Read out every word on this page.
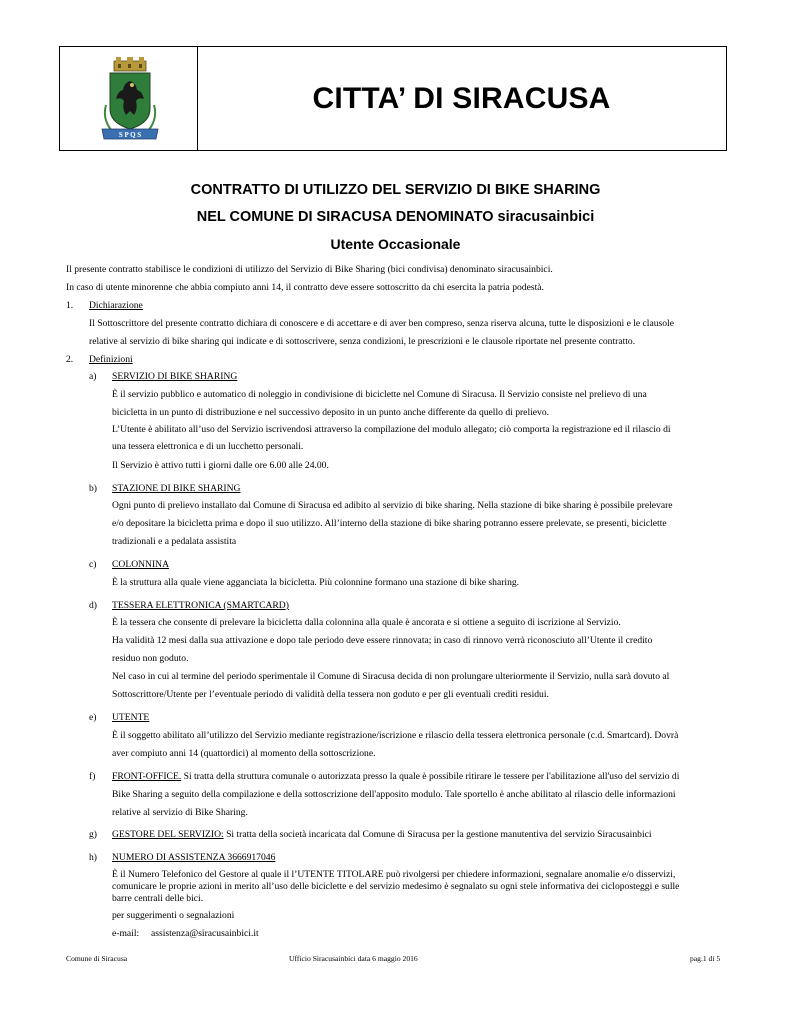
S P Q S
CITTA’ DI SIRACUSA
CONTRATTO DI UTILIZZO DEL SERVIZIO DI BIKE SHARING
NEL COMUNE DI SIRACUSA DENOMINATO siracusainbici
Utente Occasionale
Il presente contratto stabilisce le condizioni di utilizzo del Servizio di Bike Sharing (bici condivisa) denominato siracusainbici.
In caso di utente minorenne che abbia compiuto anni 14, il contratto deve essere sottoscritto da chi esercita la patria podestà.
1. Dichiarazione
Il Sottoscrittore del presente contratto dichiara di conoscere e di accettare e di aver ben compreso, senza riserva alcuna, tutte le disposizioni e le clausole
relative al servizio di bike sharing qui indicate e di sottoscrivere, senza condizioni, le prescrizioni e le clausole riportate nel presente contratto.
2. Definizioni
a) SERVIZIO DI BIKE SHARING
È il servizio pubblico e automatico di noleggio in condivisione di biciclette nel Comune di Siracusa. Il Servizio consiste nel prelievo di una
bicicletta in un punto di distribuzione e nel successivo deposito in un punto anche differente da quello di prelievo.
L’Utente è abilitato all’uso del Servizio iscrivendosi attraverso la compilazione del modulo allegato; ciò comporta la registrazione ed il rilascio di
una tessera elettronica e di un lucchetto personali.
Il Servizio è attivo tutti i giorni dalle ore 6.00 alle 24.00.
b) STAZIONE DI BIKE SHARING
Ogni punto di prelievo installato dal Comune di Siracusa ed adibito al servizio di bike sharing. Nella stazione di bike sharing è possibile prelevare
e/o depositare la bicicletta prima e dopo il suo utilizzo. All’interno della stazione di bike sharing potranno essere prelevate, se presenti, biciclette
tradizionali e a pedalata assistita
c) COLONNINA
È la struttura alla quale viene agganciata la bicicletta. Più colonnine formano una stazione di bike sharing.
d) TESSERA ELETTRONICA (SMARTCARD)
È la tessera che consente di prelevare la bicicletta dalla colonnina alla quale è ancorata e si ottiene a seguito di iscrizione al Servizio.
Ha validità 12 mesi dalla sua attivazione e dopo tale periodo deve essere rinnovata; in caso di rinnovo verrà riconosciuto all’Utente il credito
residuo non goduto.
Nel caso in cui al termine del periodo sperimentale il Comune di Siracusa decida di non prolungare ulteriormente il Servizio, nulla sarà dovuto al
Sottoscrittore/Utente per l’eventuale periodo di validità della tessera non goduto e per gli eventuali crediti residui.
e) UTENTE
È il soggetto abilitato all’utilizzo del Servizio mediante registrazione/iscrizione e rilascio della tessera elettronica personale (c.d. Smartcard). Dovrà
aver compiuto anni 14 (quattordici) al momento della sottoscrizione.
f) FRONT-OFFICE. Si tratta della struttura comunale o autorizzata presso la quale è possibile ritirare le tessere per l'abilitazione all'uso del servizio di
Bike Sharing a seguito della compilazione e della sottoscrizione dell'apposito modulo. Tale sportello è anche abilitato al rilascio delle informazioni
relative al servizio di Bike Sharing.
g) GESTORE DEL SERVIZIO: Si tratta della società incaricata dal Comune di Siracusa per la gestione manutentiva del servizio Siracusainbici
h) NUMERO DI ASSISTENZA 3666917046
È il Numero Telefonico del Gestore al quale il l’UTENTE TITOLARE può rivolgersi per chiedere informazioni, segnalare anomalie e/o disservizi,
comunicare le proprie azioni in merito all’uso delle biciclette e del servizio medesimo è segnalato su ogni stele informativa dei cicloposteggi e sulle
barre centrali delle bici.
per suggerimenti o segnalazioni
e-mail: assistenza@siracusainbici.it
Comune di Siracusa	Ufficio Siracusainbici data 6 maggio 2016	pag.1 di 5
